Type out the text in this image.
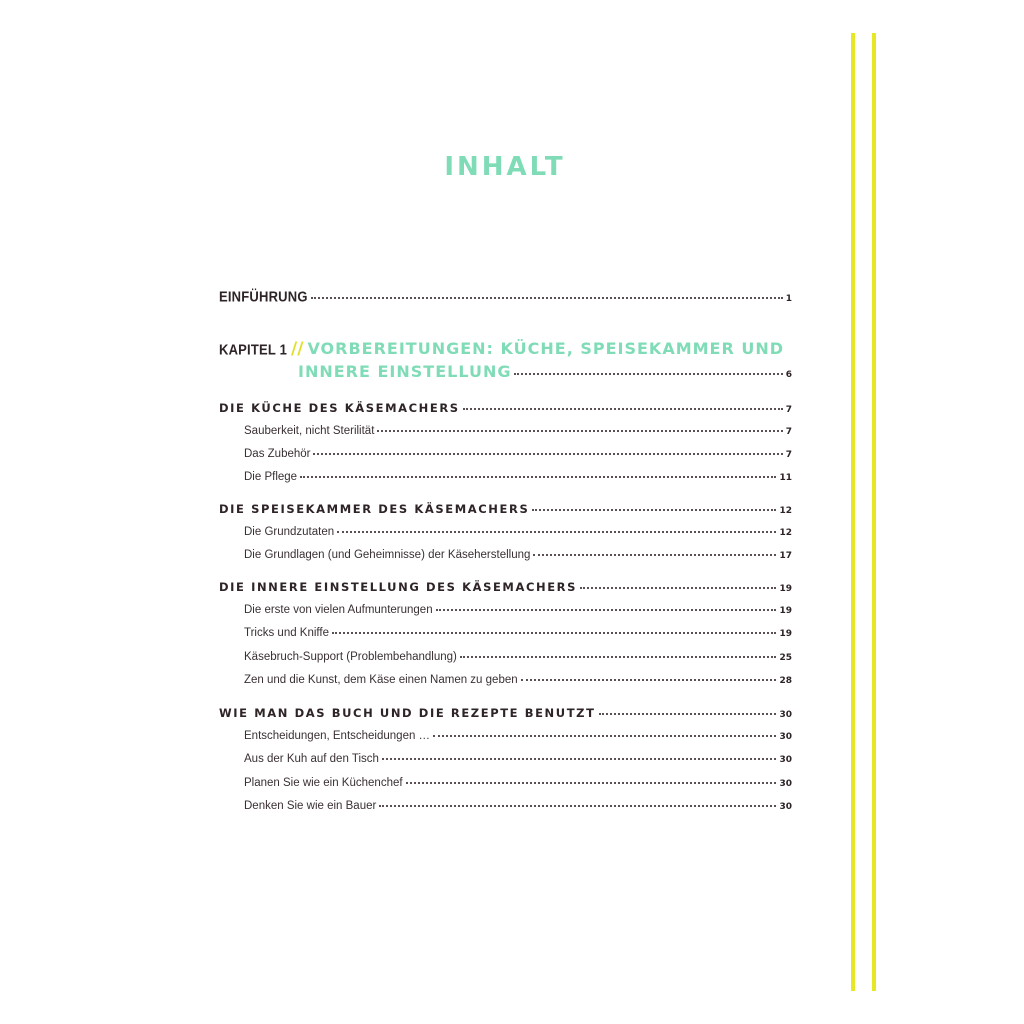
INHALT
EINFÜHRUNG	1
KAPITEL 1 // VORBEREITUNGEN: KÜCHE, SPEISEKAMMER UND
INNERE EINSTELLUNG	6
DIE KÜCHE DES KÄSEMACHERS	7
Sauberkeit, nicht Sterilität	7
Das Zubehör	7
Die Pflege	11
DIE SPEISEKAMMER DES KÄSEMACHERS	12
Die Grundzutaten	12
Die Grundlagen (und Geheimnisse) der Käseherstellung	17
DIE INNERE EINSTELLUNG DES KÄSEMACHERS	19
Die erste von vielen Aufmunterungen	19
Tricks und Kniffe	19
Käsebruch-Support (Problembehandlung)	25
Zen und die Kunst, dem Käse einen Namen zu geben	28
WIE MAN DAS BUCH UND DIE REZEPTE BENUTZT	30
Entscheidungen, Entscheidungen …	30
Aus der Kuh auf den Tisch	30
Planen Sie wie ein Küchenchef	30
Denken Sie wie ein Bauer	30
